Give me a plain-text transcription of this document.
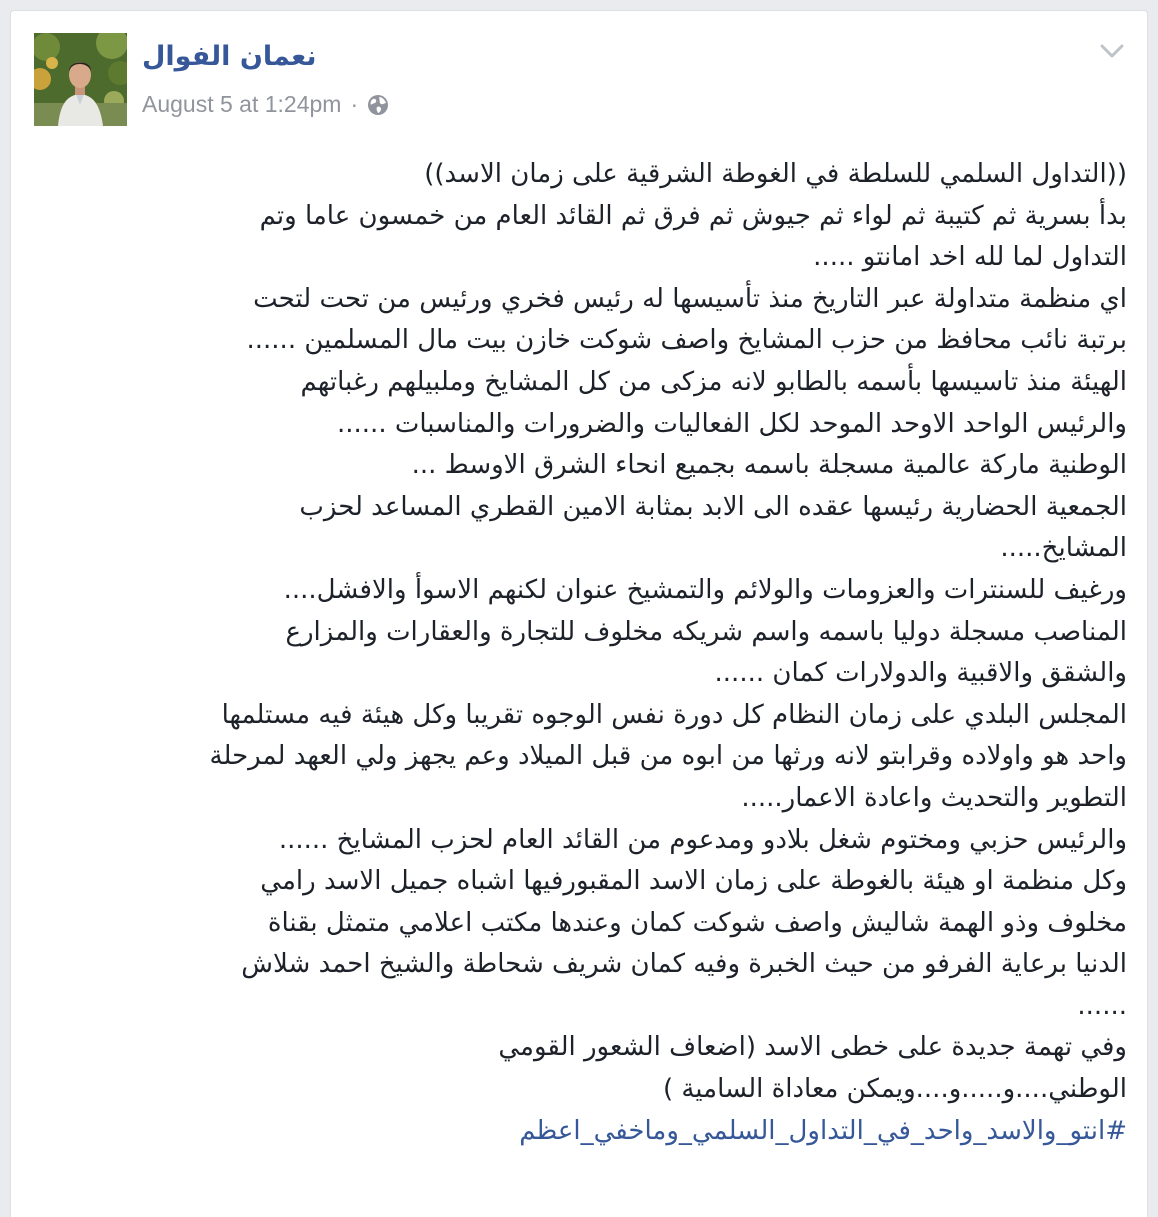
نعمان الفوال
August 5 at 1:24pm ·
((التداول السلمي للسلطة في الغوطة الشرقية على زمان الاسد))
بدأ بسرية ثم كتيبة ثم لواء ثم جيوش ثم فرق ثم القائد العام من خمسون عاما وتم
التداول لما لله اخد امانتو .....
اي منظمة متداولة عبر التاريخ منذ تأسيسها له رئيس فخري ورئيس من تحت لتحت
برتبة نائب محافظ من حزب المشايخ واصف شوكت خازن بيت مال المسلمين ......
الهيئة منذ تاسيسها بأسمه بالطابو لانه مزكى من كل المشايخ وملبيلهم رغباتهم
والرئيس الواحد الاوحد الموحد لكل الفعاليات والضرورات والمناسبات ......
الوطنية ماركة عالمية مسجلة باسمه بجميع انحاء الشرق الاوسط ...
الجمعية الحضارية رئيسها عقده الى الابد بمثابة الامين القطري المساعد لحزب
المشايخ.....
ورغيف للسنترات والعزومات والولائم والتمشيخ عنوان لكنهم الاسوأ والافشل....
المناصب مسجلة دوليا باسمه واسم شريكه مخلوف للتجارة والعقارات والمزارع
والشقق والاقبية والدولارات كمان ......
المجلس البلدي على زمان النظام كل دورة نفس الوجوه تقريبا وكل هيئة فيه مستلمها
واحد هو واولاده وقرابتو لانه ورثها من ابوه من قبل الميلاد وعم يجهز ولي العهد لمرحلة
التطوير والتحديث واعادة الاعمار.....
والرئيس حزبي ومختوم شغل بلادو ومدعوم من القائد العام لحزب المشايخ ......
وكل منظمة او هيئة بالغوطة على زمان الاسد المقبورفيها اشباه جميل الاسد رامي
مخلوف وذو الهمة شاليش واصف شوكت كمان وعندها مكتب اعلامي متمثل بقناة
الدنيا برعاية الفرفو من حيث الخبرة وفيه كمان شريف شحاطة والشيخ احمد شلاش
......
وفي تهمة جديدة على خطى الاسد (اضعاف الشعور القومي
الوطني....و.....و....ويمكن معاداة السامية )
#انتو_والاسد_واحد_في_التداول_السلمي_وماخفي_اعظم
